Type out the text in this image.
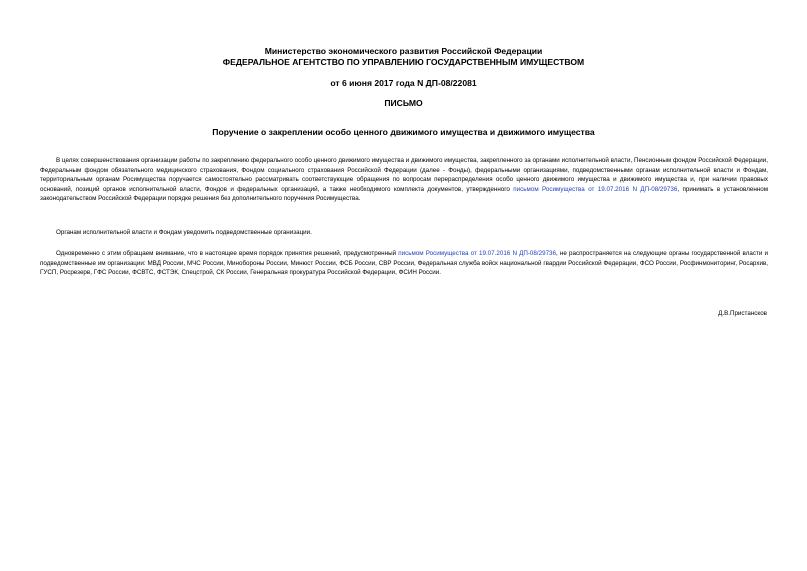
Министерство экономического развития Российской Федерации
ФЕДЕРАЛЬНОЕ АГЕНТСТВО ПО УПРАВЛЕНИЮ ГОСУДАРСТВЕННЫМ ИМУЩЕСТВОМ
от 6 июня 2017 года N ДП-08/22081
ПИСЬМО
Поручение о закреплении особо ценного движимого имущества и движимого имущества

В целях совершенствования организации работы по закреплению федерального особо ценного движимого имущества и движимого имущества, закрепленного за органами исполнительной власти, Пенсионным фондом Российской Федерации, Федеральным фондом обязательного медицинского страхования, Фондом социального страхования Российской Федерации (далее - Фонды), федеральными организациями, подведомственными органам исполнительной власти и Фондам, территориальным органам Росимущества поручается самостоятельно рассматривать соответствующие обращения по вопросам перераспределения особо ценного движимого имущества и движимого имущества и, при наличии правовых оснований, позиций органов исполнительной власти, Фондов и федеральных организаций, а также необходимого комплекта документов, утвержденного письмом Росимущества от 19.07.2016 N ДП-08/29736, принимать в установленном законодательством Российской Федерации порядке решения без дополнительного поручения Росимущества.

Органам исполнительной власти и Фондам уведомить подведомственные организации.

Одновременно с этим обращаем внимание, что в настоящее время порядок принятия решений, предусмотренный письмом Росимущества от 19.07.2016 N ДП-08/29736, не распространяется на следующие органы государственной власти и подведомственные им организации: МВД России, МЧС России, Минобороны России, Минюст России, ФСБ России, СВР России, Федеральная служба войск национальной гвардии Российской Федерации, ФСО России, Росфинмониторинг, Росархив, ГУСП, Росрезерв, ГФС России, ФСВТС, ФСТЭК, Спецстрой, СК России, Генеральная прокуратура Российской Федерации, ФСИН России.

Д.В.Пристансков
